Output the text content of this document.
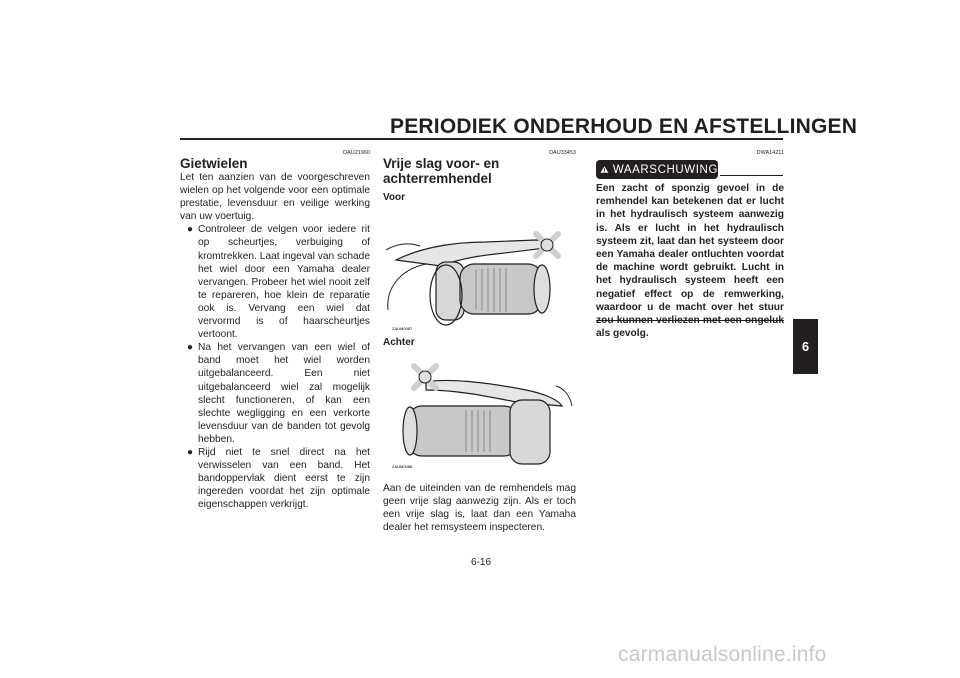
PERIODIEK ONDERHOUD EN AFSTELLINGEN
DAU21960
Gietwielen
Let ten aanzien van de voorgeschreven wielen op het volgende voor een optimale prestatie, levensduur en veilige werking van uw voertuig.
● Controleer de velgen voor iedere rit op scheurtjes, verbuiging of kromtrekken. Laat ingeval van schade het wiel door een Yamaha dealer vervangen. Probeer het wiel nooit zelf te repareren, hoe klein de reparatie ook is. Vervang een wiel dat vervormd is of haarscheurtjes vertoont.
● Na het vervangen van een wiel of band moet het wiel worden uitgebalanceerd. Een niet uitgebalanceerd wiel zal mogelijk slecht functioneren, of kan een slechte wegligging en een verkorte levensduur van de banden tot gevolg hebben.
● Rijd niet te snel direct na het verwisselen van een band. Het bandoppervlak dient eerst te zijn ingereden voordat het zijn optimale eigenschappen verkrijgt.
DAU33453
Vrije slag voor- en achterremhendel
Voor
ZAUM0987
Achter
ZAUM0988
Aan de uiteinden van de remhendels mag geen vrije slag aanwezig zijn. Als er toch een vrije slag is, laat dan een Yamaha dealer het remsysteem inspecteren.
DWA14211
WAARSCHUWING
Een zacht of sponzig gevoel in de remhendel kan betekenen dat er lucht in het hydraulisch systeem aanwezig is. Als er lucht in het hydraulisch systeem zit, laat dan het systeem door een Yamaha dealer ontluchten voordat de machine wordt gebruikt. Lucht in het hydraulisch systeem heeft een negatief effect op de remwerking, waardoor u de macht over het stuur zou kunnen verliezen met een ongeluk als gevolg.
6
6-16
carmanualsonline.info
